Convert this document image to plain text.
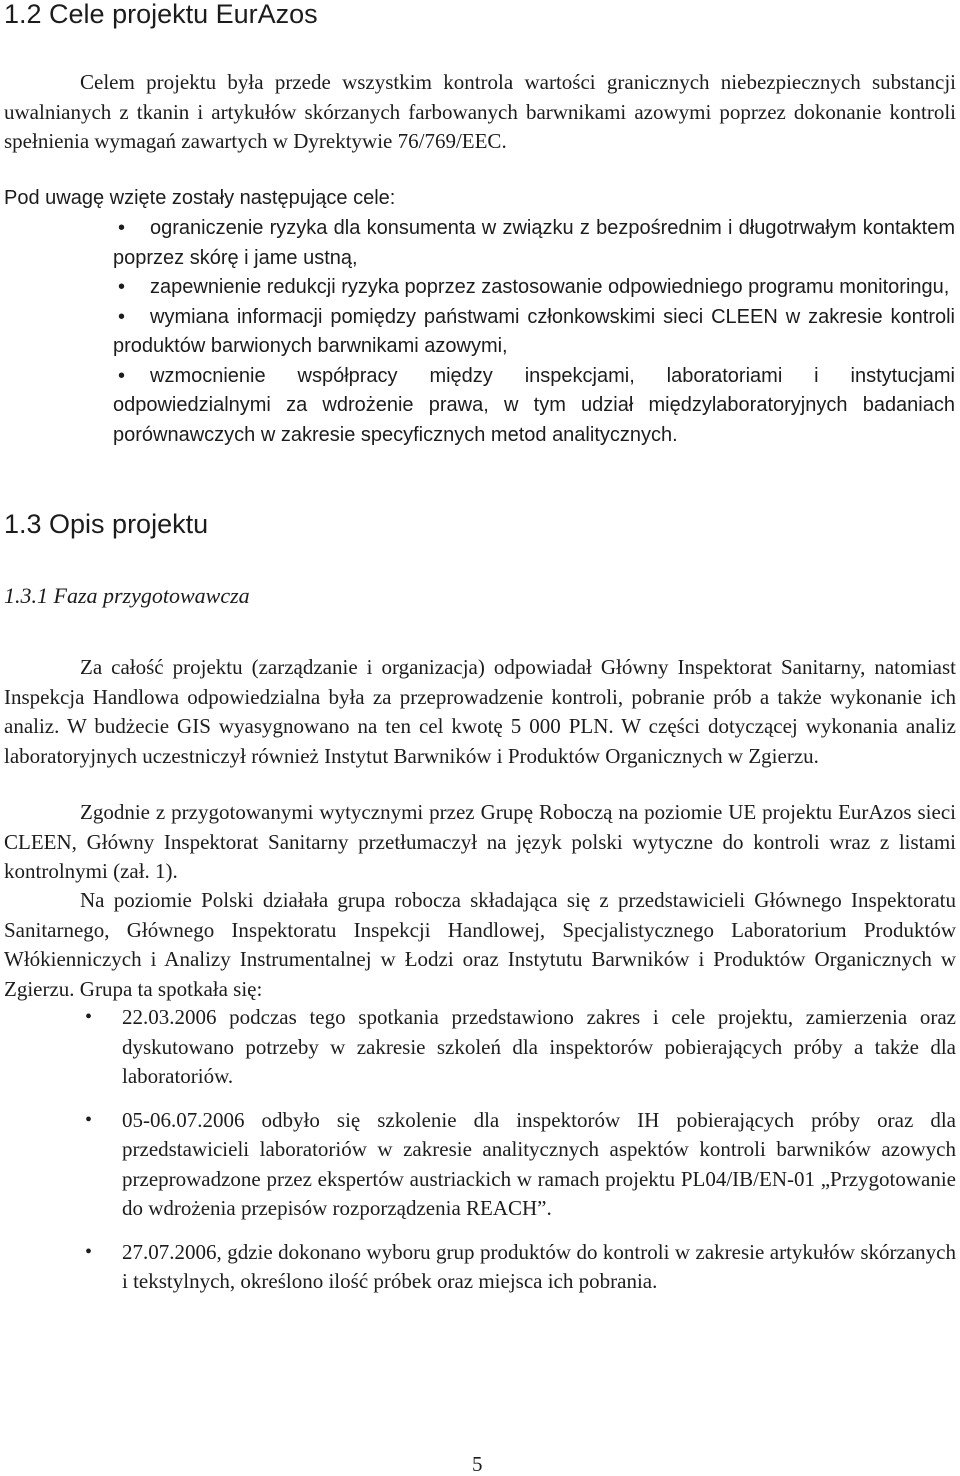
1.2 Cele projektu EurAzos

Celem projektu była przede wszystkim kontrola wartości granicznych niebezpiecznych substancji uwalnianych z tkanin i artykułów skórzanych farbowanych barwnikami azowymi poprzez dokonanie kontroli spełnienia wymagań zawartych w Dyrektywie 76/769/EEC.

Pod uwagę wzięte zostały następujące cele:

•	ograniczenie ryzyka dla konsumenta w związku z bezpośrednim i długotrwałym kontaktem poprzez skórę i jame ustną,
•	zapewnienie redukcji ryzyka poprzez zastosowanie odpowiedniego programu monitoringu,
•	wymiana informacji pomiędzy państwami członkowskimi sieci CLEEN w zakresie kontroli produktów barwionych barwnikami azowymi,
•	wzmocnienie współpracy między inspekcjami, laboratoriami i instytucjami odpowiedzialnymi za wdrożenie prawa, w tym udział międzylaboratoryjnych badaniach porównawczych w zakresie specyficznych metod analitycznych.
1.3 Opis projektu
1.3.1 Faza przygotowawcza

Za całość projektu (zarządzanie i organizacja) odpowiadał Główny Inspektorat Sanitarny, natomiast Inspekcja Handlowa odpowiedzialna była za przeprowadzenie kontroli, pobranie prób a także wykonanie ich analiz. W budżecie GIS wyasygnowano na ten cel kwotę 5 000 PLN. W części dotyczącej wykonania analiz laboratoryjnych uczestniczył również Instytut Barwników i Produktów Organicznych w Zgierzu.

Zgodnie z przygotowanymi wytycznymi przez Grupę Roboczą na poziomie UE projektu EurAzos sieci CLEEN, Główny Inspektorat Sanitarny przetłumaczył na język polski wytyczne do kontroli wraz z listami kontrolnymi (zał. 1).

Na poziomie Polski działała grupa robocza składająca się z przedstawicieli Głównego Inspektoratu Sanitarnego, Głównego Inspektoratu Inspekcji Handlowej, Specjalistycznego Laboratorium Produktów Włókienniczych i Analizy Instrumentalnej w Łodzi oraz Instytutu Barwników i Produktów Organicznych w Zgierzu. Grupa ta spotkała się:

• 22.03.2006 podczas tego spotkania przedstawiono zakres i cele projektu, zamierzenia oraz dyskutowano potrzeby w zakresie szkoleń dla inspektorów pobierających próby a także dla laboratoriów.
• 05-06.07.2006 odbyło się szkolenie dla inspektorów IH pobierających próby oraz dla przedstawicieli laboratoriów w zakresie analitycznych aspektów kontroli barwników azowych przeprowadzone przez ekspertów austriackich w ramach projektu PL04/IB/EN-01 „Przygotowanie do wdrożenia przepisów rozporządzenia REACH”.
• 27.07.2006, gdzie dokonano wyboru grup produktów do kontroli w zakresie artykułów skórzanych i tekstylnych, określono ilość próbek oraz miejsca ich pobrania.
5
